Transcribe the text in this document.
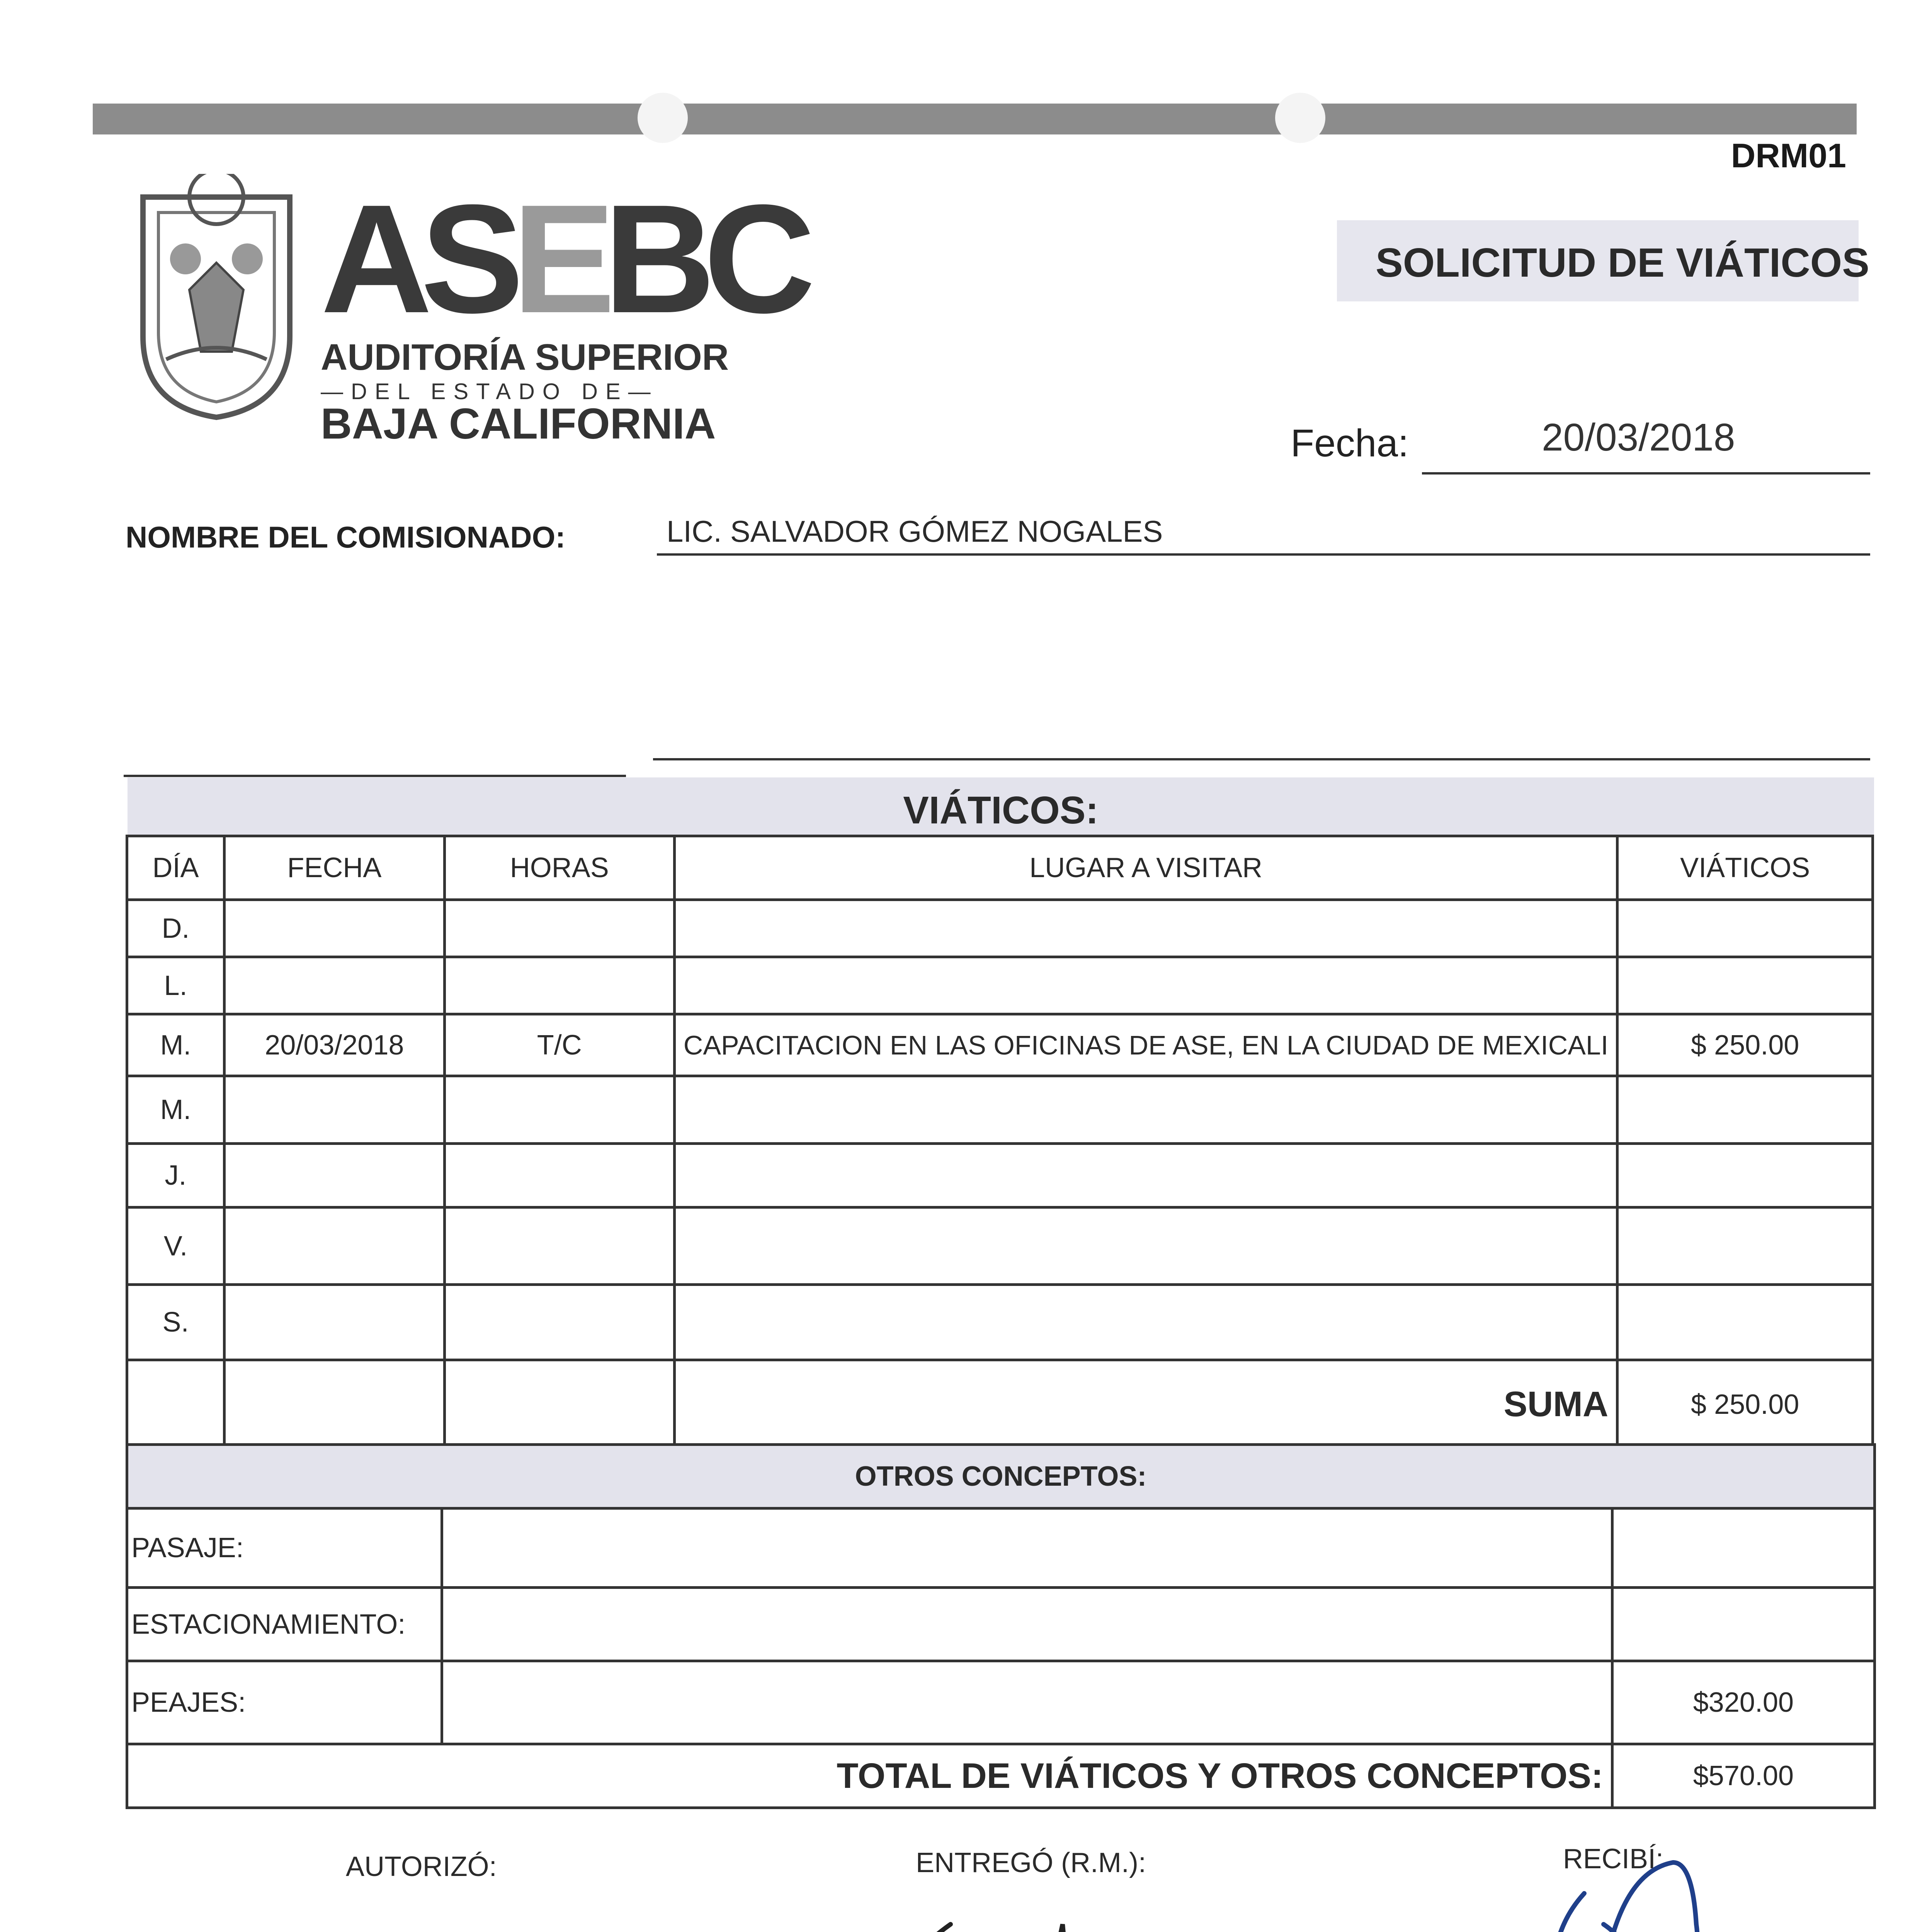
DRM01
ASEBC
AUDITORÍA SUPERIOR
—DEL ESTADO DE—
BAJA CALIFORNIA
SOLICITUD DE VIÁTICOS
Fecha:	20/03/2018
NOMBRE DEL COMISIONADO:	LIC. SALVADOR GÓMEZ NOGALES
VIÁTICOS:
DÍA	FECHA	HORAS	LUGAR A VISITAR	VIÁTICOS
D.				
L.				
M.	20/03/2018	T/C	CAPACITACION EN LAS OFICINAS DE ASE, EN LA CIUDAD DE MEXICALI	$ 250.00
M.				
J.				
V.				
S.				
			SUMA	$ 250.00
OTROS CONCEPTOS:		
PASAJE:		
ESTACIONAMIENTO:		
PEAJES:		$320.00
TOTAL DE VIÁTICOS Y OTROS CONCEPTOS:		$570.00
AUTORIZÓ:	ENTREGÓ (R.M.):	RECIBÍ:
